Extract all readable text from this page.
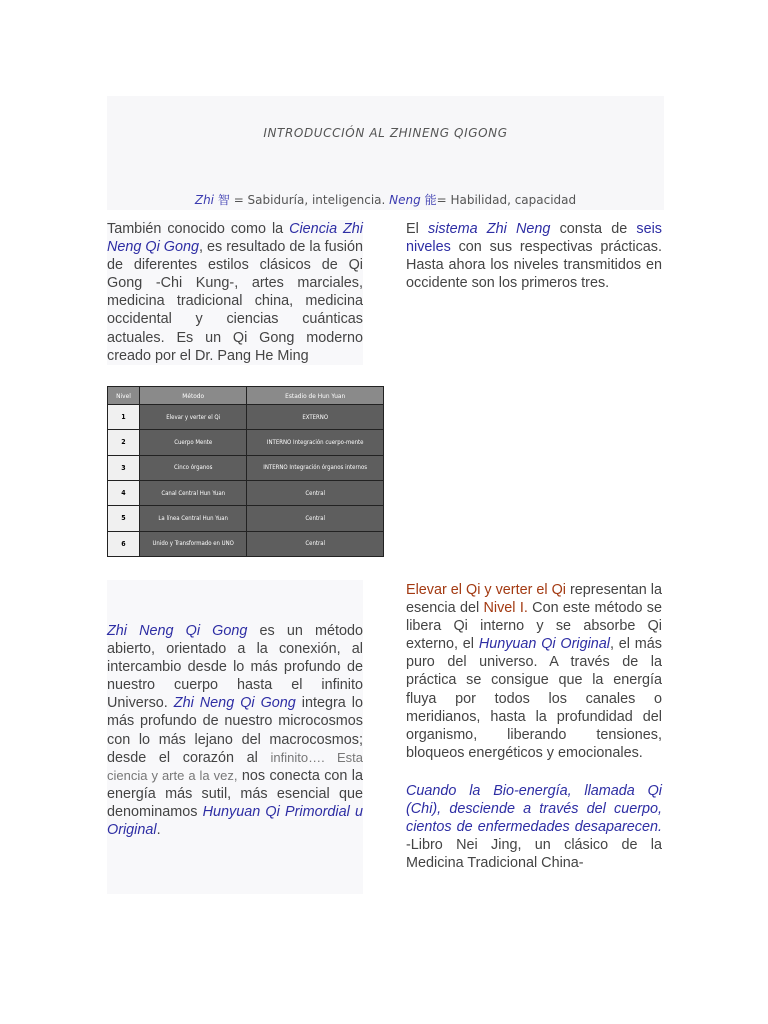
INTRODUCCIÓN AL ZHINENG QIGONG
Zhi 智 = Sabiduría, inteligencia. Neng 能= Habilidad, capacidad
También conocido como la Ciencia Zhi Neng Qi Gong, es resultado de la fusión de diferentes estilos clásicos de Qi Gong -Chi Kung-, artes marciales, medicina tradicional china, medicina occidental y ciencias cuánticas actuales. Es un Qi Gong moderno creado por el Dr. Pang He Ming
El sistema Zhi Neng consta de seis niveles con sus respectivas prácticas. Hasta ahora los niveles transmitidos en occidente son los primeros tres.
Nivel	Método	Estadio de Hun Yuan
1	Elevar y verter el Qi	EXTERNO
2	Cuerpo Mente	INTERNO Integración cuerpo-mente
3	Cinco órganos	INTERNO Integración órganos internos
4	Canal Central Hun Yuan	Central
5	La línea Central Hun Yuan	Central
6	Unido y Transformado en UNO	Central
Zhi Neng Qi Gong es un método abierto, orientado a la conexión, al intercambio desde lo más profundo de nuestro cuerpo hasta el infinito Universo. Zhi Neng Qi Gong integra lo más profundo de nuestro microcosmos con lo más lejano del macrocosmos; desde el corazón al infinito…. Esta ciencia y arte a la vez, nos conecta con la energía más sutil, más esencial que denominamos Hunyuan Qi Primordial u Original.
Elevar el Qi y verter el Qi representan la esencia del Nivel I. Con este método se libera Qi interno y se absorbe Qi externo, el Hunyuan Qi Original, el más puro del universo. A través de la práctica se consigue que la energía fluya por todos los canales o meridianos, hasta la profundidad del organismo, liberando tensiones, bloqueos energéticos y emocionales.
Cuando la Bio-energía, llamada Qi (Chi), desciende a través del cuerpo, cientos de enfermedades desaparecen. -Libro Nei Jing, un clásico de la Medicina Tradicional China-
